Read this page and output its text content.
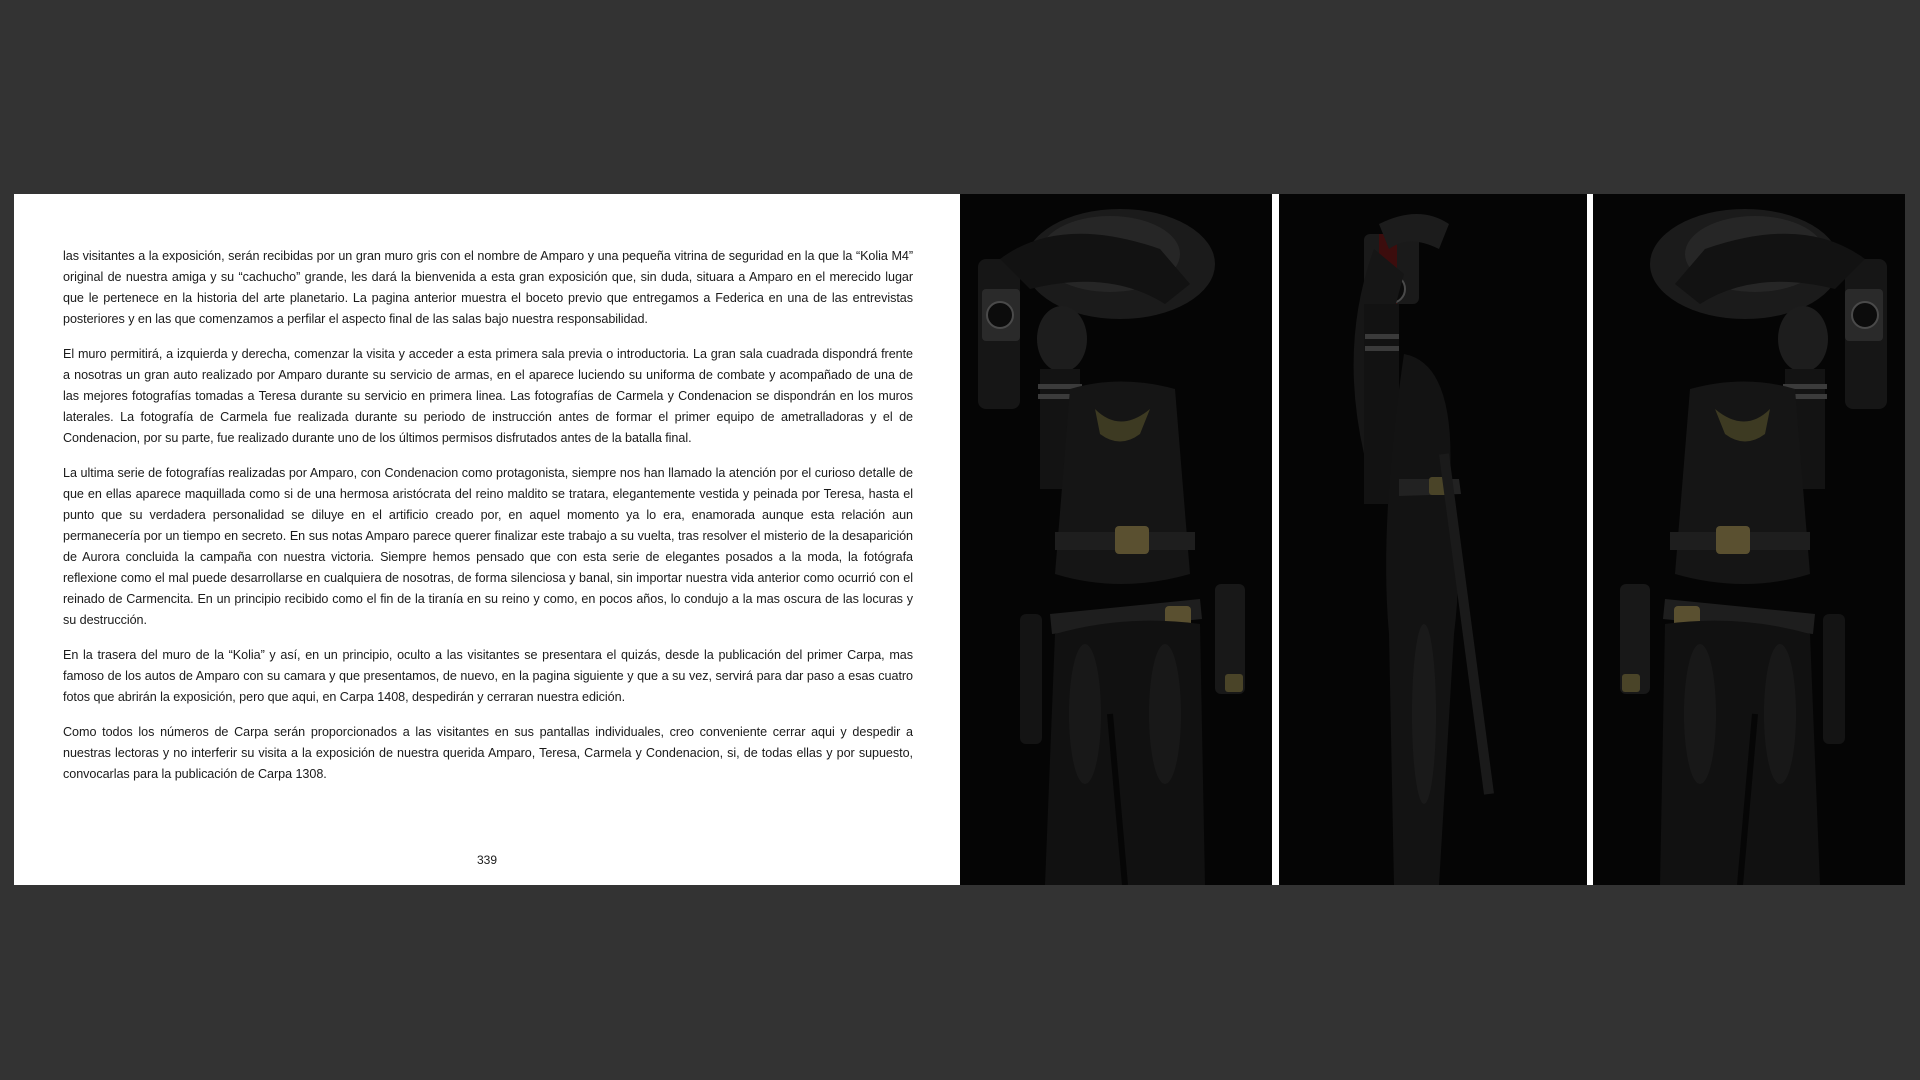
las visitantes a la exposición, serán recibidas por un gran muro gris con el nombre de Amparo y una pequeña vitrina de seguridad en la que la “Kolia M4” original de nuestra amiga y su “cachucho” grande, les dará la bienvenida a esta gran exposición que, sin duda, situara a Amparo en el merecido lugar que le pertenece en la historia del arte planetario. La pagina anterior muestra el boceto previo que entregamos a Federica en una de las entrevistas posteriores y en las que comenzamos a perfilar el aspecto final de las salas bajo nuestra responsabilidad.

El muro permitirá, a izquierda y derecha, comenzar la visita y acceder a esta primera sala previa o introductoria. La gran sala cuadrada dispondrá frente a nosotras un gran auto realizado por Amparo durante su servicio de armas, en el aparece luciendo su uniforma de combate y acompañado de una de las mejores fotografías tomadas a Teresa durante su servicio en primera linea. Las fotografías de Carmela y Condenacion se dispondrán en los muros laterales. La fotografía de Carmela fue realizada durante su periodo de instrucción antes de formar el primer equipo de ametralladoras y el de Condenacion, por su parte, fue realizado durante uno de los últimos permisos disfrutados antes de la batalla final.

La ultima serie de fotografías realizadas por Amparo, con Condenacion como protagonista, siempre nos han llamado la atención por el curioso detalle de que en ellas aparece maquillada como si de una hermosa aristócrata del reino maldito se tratara, elegantemente vestida y peinada por Teresa, hasta el punto que su verdadera personalidad se diluye en el artificio creado por, en aquel momento ya lo era, enamorada aunque esta relación aun permanecería por un tiempo en secreto. En sus notas Amparo parece querer finalizar este trabajo a su vuelta, tras resolver el misterio de la desaparición de Aurora concluida la campaña con nuestra victoria. Siempre hemos pensado que con esta serie de elegantes posados a la moda, la fotógrafa reflexione como el mal puede desarrollarse en cualquiera de nosotras, de forma silenciosa y banal, sin importar nuestra vida anterior como ocurrió con el reinado de Carmencita. En un principio recibido como el fin de la tiranía en su reino y como, en pocos años, lo condujo a la mas oscura de las locuras y su destrucción.

En la trasera del muro de la “Kolia” y así, en un principio, oculto a las visitantes se presentara el quizás, desde la publicación del primer Carpa, mas famoso de los autos de Amparo con su camara y que presentamos, de nuevo, en la pagina siguiente y que a su vez, servirá para dar paso a esas cuatro fotos que abrirán la exposición, pero que aqui, en Carpa 1408, despedirán y cerraran nuestra edición.

Como todos los números de Carpa serán proporcionados a las visitantes en sus pantallas individuales, creo conveniente cerrar aqui y despedir a nuestras lectoras y no interferir su visita a la exposición de nuestra querida Amparo, Teresa, Carmela y Condenacion, si, de todas ellas y por supuesto, convocarlas para la publicación de Carpa 1308.

339
